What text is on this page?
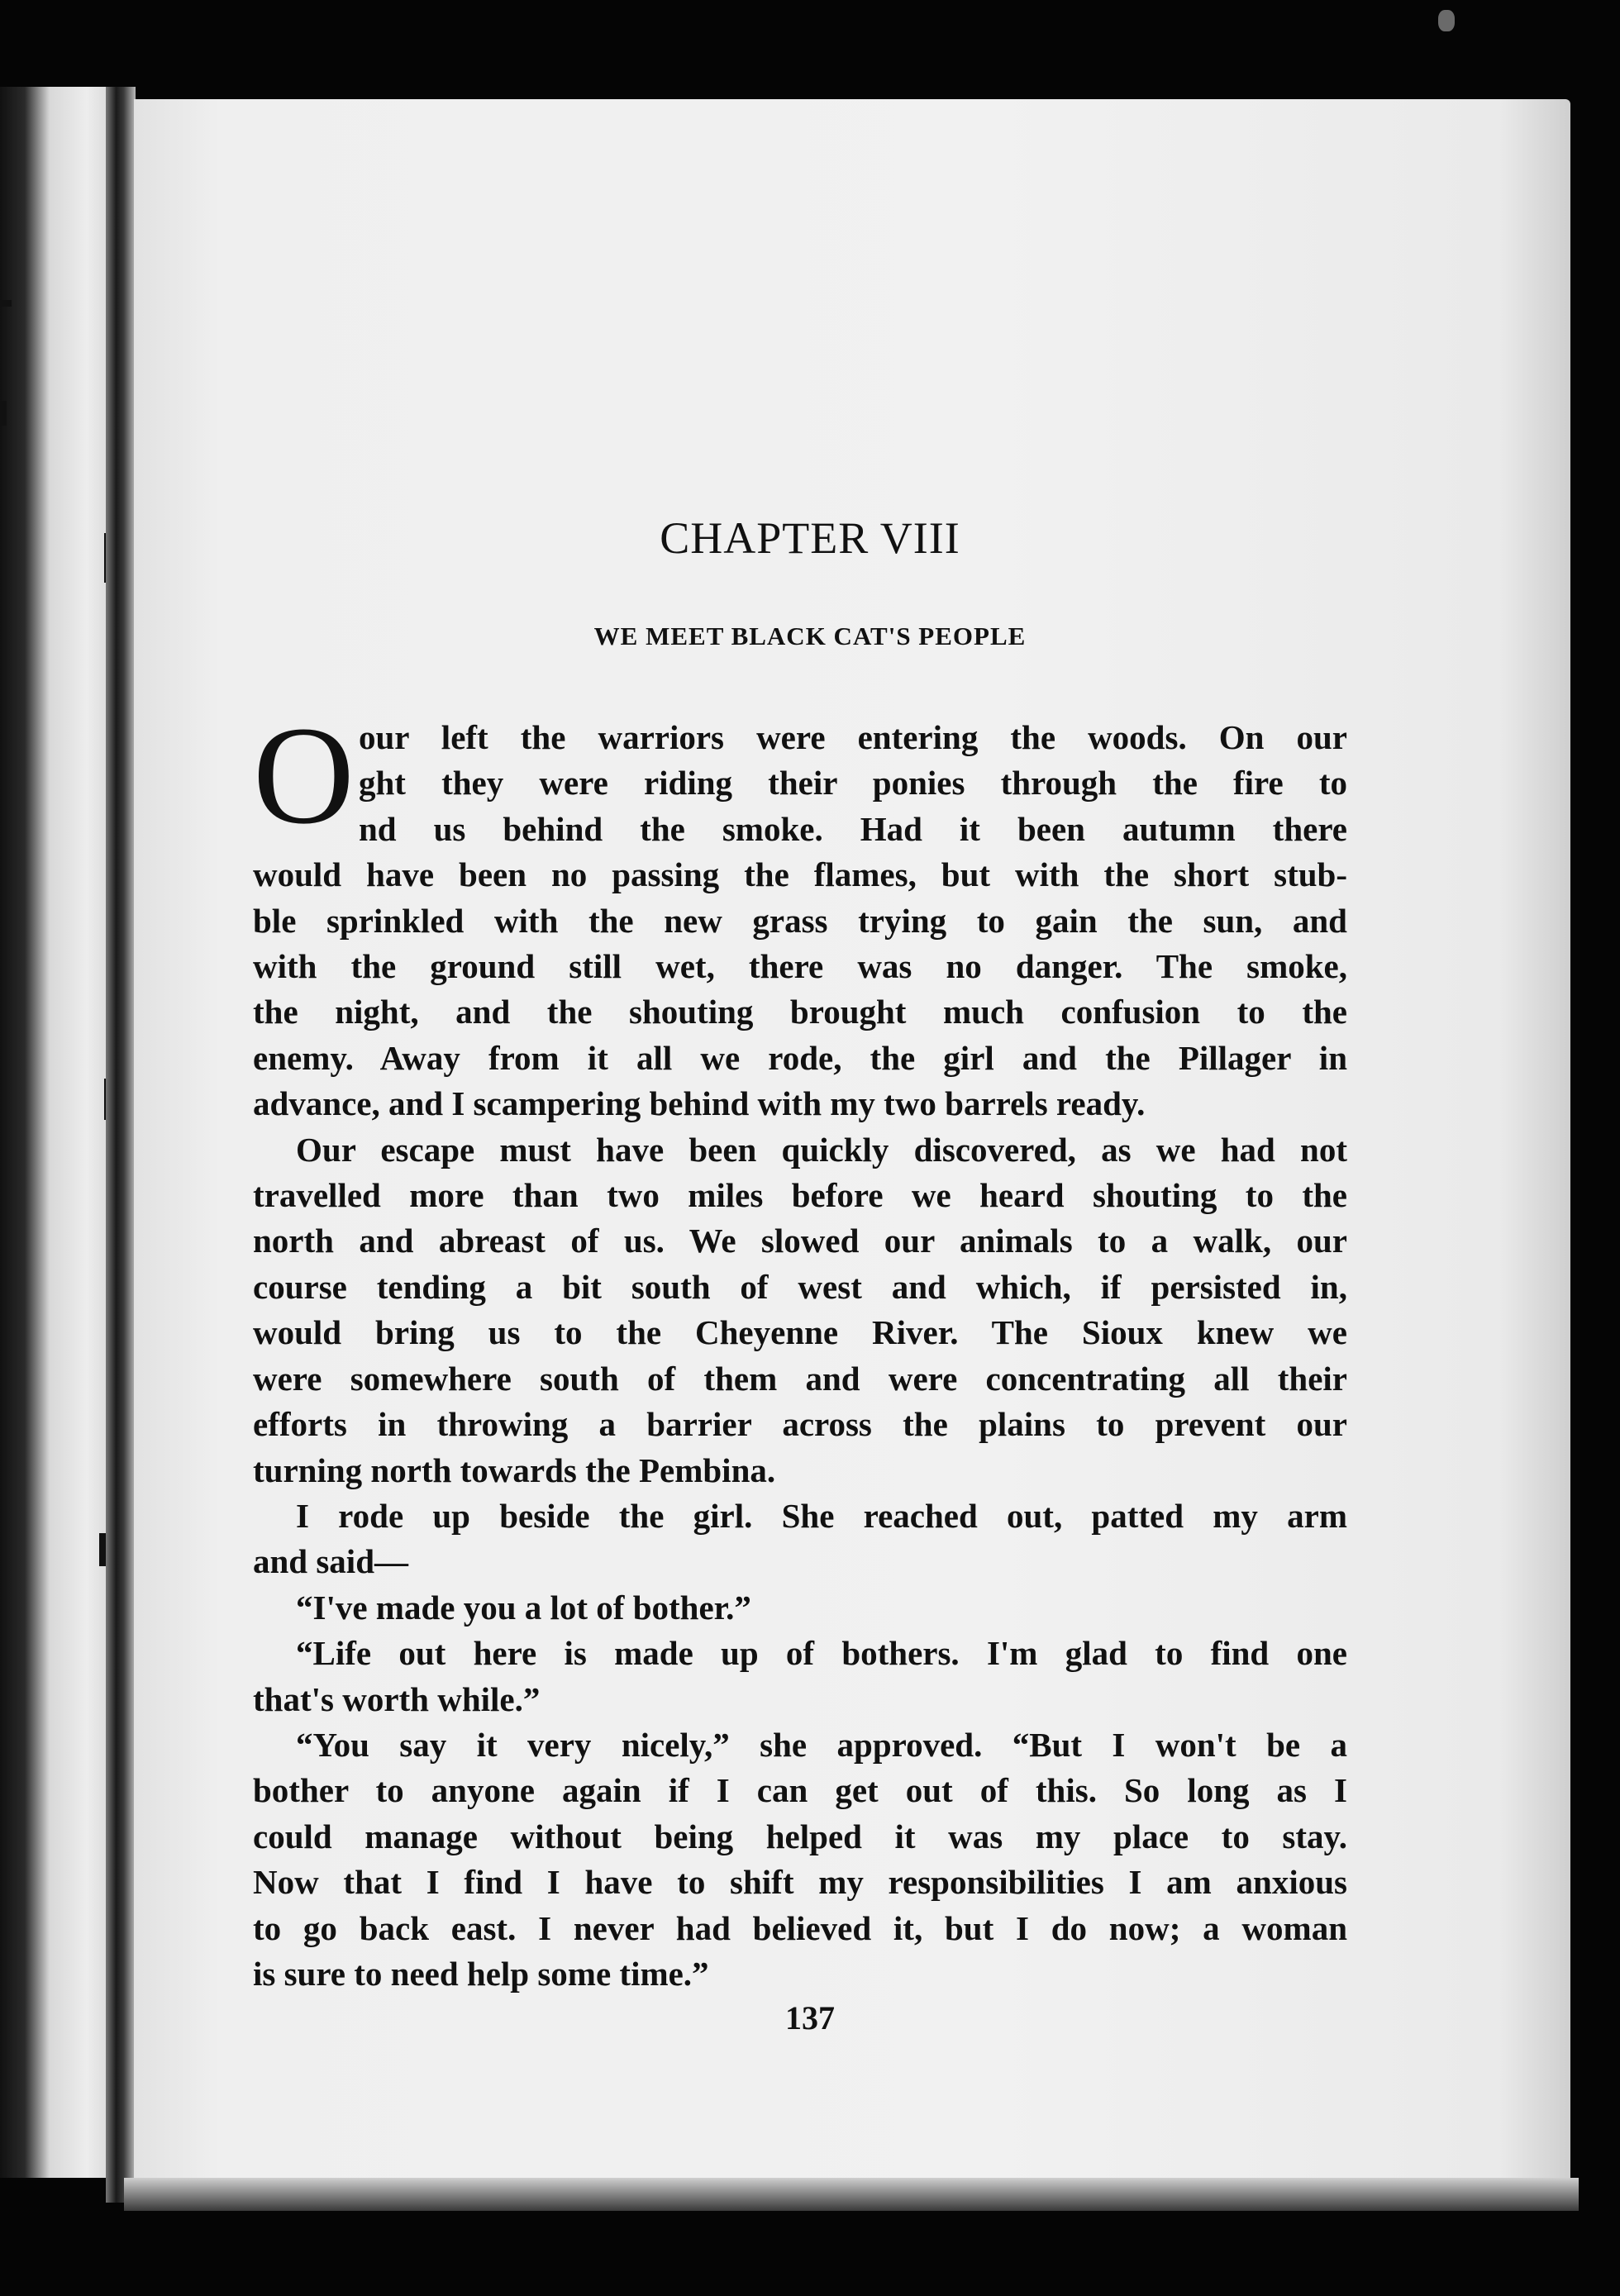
CHAPTER VIII
WE MEET BLACK CAT'S PEOPLE
O our left the warriors were entering the woods. On our
ght they were riding their ponies through the fire to
nd us behind the smoke. Had it been autumn there
would have been no passing the flames, but with the short stub-
ble sprinkled with the new grass trying to gain the sun, and
with the ground still wet, there was no danger. The smoke,
the night, and the shouting brought much confusion to the
enemy. Away from it all we rode, the girl and the Pillager in
advance, and I scampering behind with my two barrels ready.
Our escape must have been quickly discovered, as we had not
travelled more than two miles before we heard shouting to the
north and abreast of us. We slowed our animals to a walk, our
course tending a bit south of west and which, if persisted in,
would bring us to the Cheyenne River. The Sioux knew we
were somewhere south of them and were concentrating all their
efforts in throwing a barrier across the plains to prevent our
turning north towards the Pembina.
I rode up beside the girl. She reached out, patted my arm
and said—
“I've made you a lot of bother.”
“Life out here is made up of bothers. I'm glad to find one
that's worth while.”
“You say it very nicely,” she approved. “But I won't be a
bother to anyone again if I can get out of this. So long as I
could manage without being helped it was my place to stay.
Now that I find I have to shift my responsibilities I am anxious
to go back east. I never had believed it, but I do now; a woman
is sure to need help some time.”
137
